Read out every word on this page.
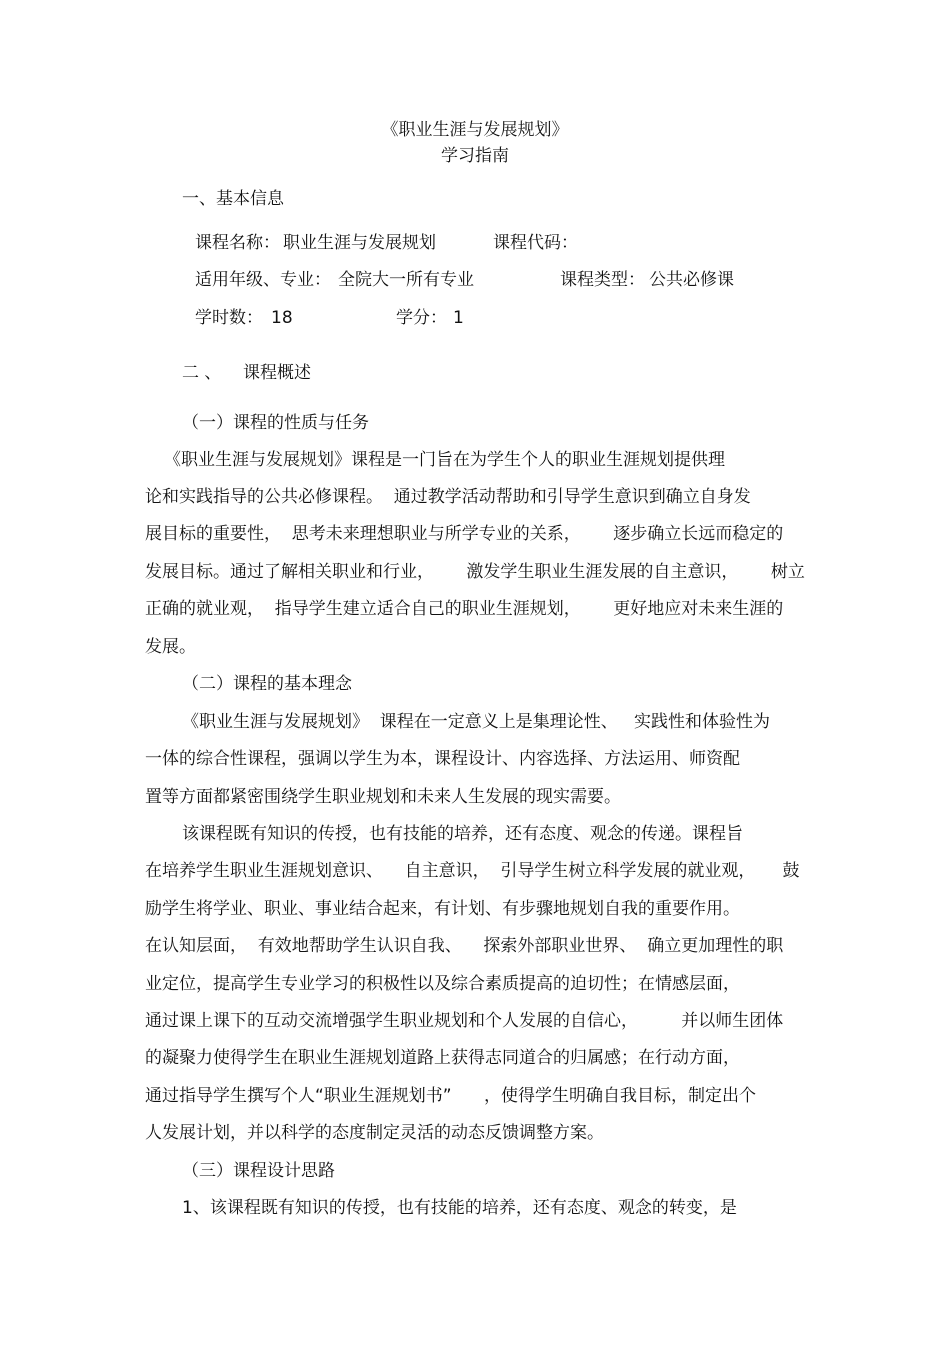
《职业生涯与发展规划》
学习指南
一、基本信息
课程名称： 职业生涯与发展规划	课程代码：
适用年级、专业： 全院大一所有专业	课程类型： 公共必修课
学时数： 18	学分： 1
二 、    课程概述
（一）课程的性质与任务
《职业生涯与发展规划》课程是一门旨在为学生个人的职业生涯规划提供理
论和实践指导的公共必修课程。  通过教学活动帮助和引导学生意识到确立自身发
展目标的重要性，  思考未来理想职业与所学专业的关系，      逐步确立长远而稳定的
发展目标。通过了解相关职业和行业，      激发学生职业生涯发展的自主意识，      树立
正确的就业观，  指导学生建立适合自己的职业生涯规划，      更好地应对未来生涯的
发展。
（二）课程的基本理念
《职业生涯与发展规划》  课程在一定意义上是集理论性、   实践性和体验性为
一体的综合性课程，强调以学生为本，课程设计、内容选择、方法运用、师资配
置等方面都紧密围绕学生职业规划和未来人生发展的现实需要。
该课程既有知识的传授，也有技能的培养，还有态度、观念的传递。课程旨
在培养学生职业生涯规划意识、    自主意识，  引导学生树立科学发展的就业观，     鼓
励学生将学业、职业、事业结合起来，有计划、有步骤地规划自我的重要作用。
在认知层面，  有效地帮助学生认识自我、    探索外部职业世界、  确立更加理性的职
业定位，提高学生专业学习的积极性以及综合素质提高的迫切性；在情感层面，
通过课上课下的互动交流增强学生职业规划和个人发展的自信心，        并以师生团体
的凝聚力使得学生在职业生涯规划道路上获得志同道合的归属感；在行动方面，
通过指导学生撰写个人“职业生涯规划书”      ，使得学生明确自我目标，制定出个
人发展计划，并以科学的态度制定灵活的动态反馈调整方案。
（三）课程设计思路
1、该课程既有知识的传授，也有技能的培养，还有态度、观念的转变，是
